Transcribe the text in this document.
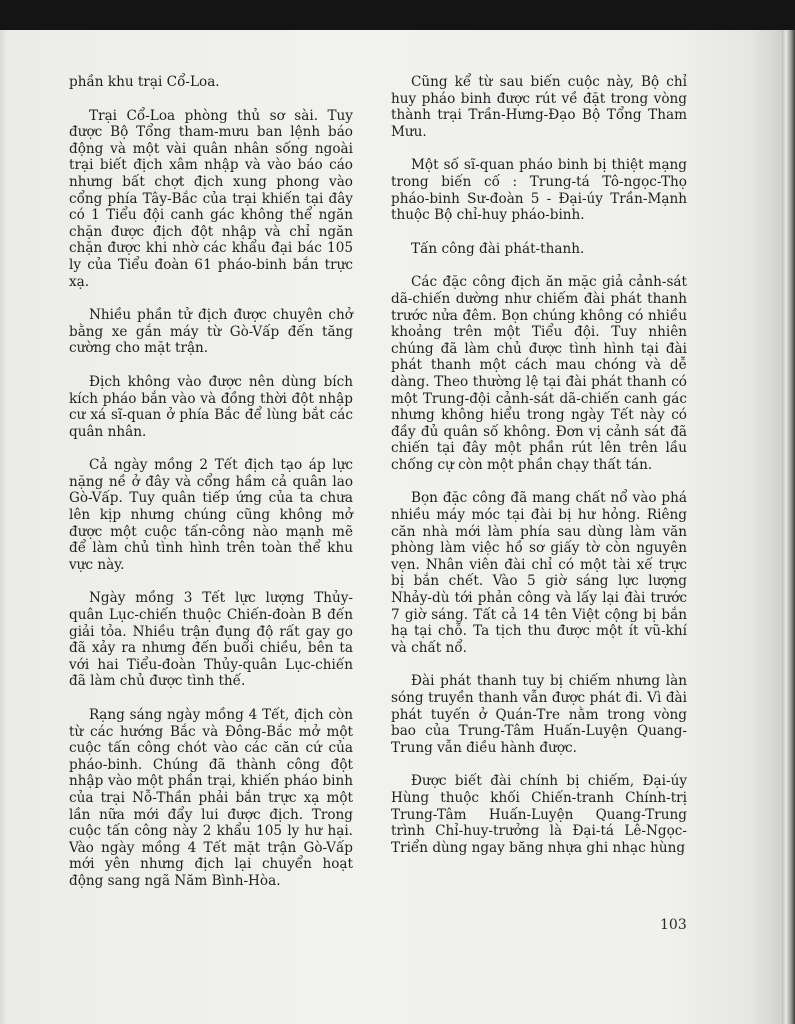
phần khu trại Cổ-Loa.

Trại Cổ-Loa phòng thủ sơ sài. Tuy được Bộ Tổng tham-mưu ban lệnh báo động và một vài quân nhân sống ngoài trại biết địch xâm nhập và vào báo cáo nhưng bất chợt địch xung phong vào cổng phía Tây-Bắc của trại khiến tại đây có 1 Tiểu đội canh gác không thể ngăn chặn được địch đột nhập và chỉ ngăn chặn được khi nhờ các khẩu đại bác 105 ly của Tiểu đoàn 61 pháo-binh bắn trực xạ.

Nhiều phần tử địch được chuyên chở bằng xe gắn máy từ Gò-Vấp đến tăng cường cho mặt trận.

Địch không vào được nên dùng bích kích pháo bắn vào và đồng thời đột nhập cư xá sĩ-quan ở phía Bắc để lùng bắt các quân nhân.

Cả ngày mồng 2 Tết địch tạo áp lực nặng nề ở đây và cổng hầm cả quân lao Gò-Vấp. Tuy quân tiếp ứng của ta chưa lên kịp nhưng chúng cũng không mở được một cuộc tấn-công nào mạnh mẽ để làm chủ tình hình trên toàn thể khu vực này.

Ngày mồng 3 Tết lực lượng Thủy-quân Lục-chiến thuộc Chiến-đoàn B đến giải tỏa. Nhiều trận đụng độ rất gay go đã xảy ra nhưng đến buổi chiều, bên ta với hai Tiểu-đoàn Thủy-quân Lục-chiến đã làm chủ được tình thế.

Rạng sáng ngày mồng 4 Tết, địch còn từ các hướng Bắc và Đông-Bắc mở một cuộc tấn công chót vào các căn cứ của pháo-binh. Chúng đã thành công đột nhập vào một phần trại, khiến pháo binh của trại Nỗ-Thần phải bắn trực xạ một lần nữa mới đẩy lui được địch. Trong cuộc tấn công này 2 khẩu 105 ly hư hại. Vào ngày mồng 4 Tết mặt trận Gò-Vấp mới yên nhưng địch lại chuyển hoạt động sang ngã Năm Bình-Hòa.

Cũng kể từ sau biến cuộc này, Bộ chỉ huy pháo binh được rút về đặt trong vòng thành trại Trần-Hưng-Đạo Bộ Tổng Tham Mưu.

Một số sĩ-quan pháo binh bị thiệt mạng trong biến cố : Trung-tá Tô-ngọc-Thọ pháo-binh Sư-đoàn 5 - Đại-úy Trần-Mạnh thuộc Bộ chỉ-huy pháo-binh.

Tấn công đài phát-thanh.

Các đặc công địch ăn mặc giả cảnh-sát dã-chiến dường như chiếm đài phát thanh trước nửa đêm. Bọn chúng không có nhiều khoảng trên một Tiểu đội. Tuy nhiên chúng đã làm chủ được tình hình tại đài phát thanh một cách mau chóng và dễ dàng. Theo thường lệ tại đài phát thanh có một Trung-đội cảnh-sát dã-chiến canh gác nhưng không hiểu trong ngày Tết này có đầy đủ quân số không. Đơn vị cảnh sát đã chiến tại đây một phần rút lên trên lầu chống cự còn một phần chạy thất tán.

Bọn đặc công đã mang chất nổ vào phá nhiều máy móc tại đài bị hư hỏng. Riêng căn nhà mới làm phía sau dùng làm văn phòng làm việc hồ sơ giấy tờ còn nguyên vẹn. Nhân viên đài chỉ có một tài xế trực bị bắn chết. Vào 5 giờ sáng lực lượng Nhảy-dù tới phản công và lấy lại đài trước 7 giờ sáng. Tất cả 14 tên Việt cộng bị bắn hạ tại chỗ. Ta tịch thu được một ít vũ-khí và chất nổ.

Đài phát thanh tuy bị chiếm nhưng làn sóng truyền thanh vẫn được phát đi. Vì đài phát tuyến ở Quán-Tre nằm trong vòng bao của Trung-Tâm Huấn-Luyện Quang-Trung vẫn điều hành được.

Được biết đài chính bị chiếm, Đại-úy Hùng thuộc khối Chiến-tranh Chính-trị Trung-Tâm Huấn-Luyện Quang-Trung trình Chỉ-huy-trưởng là Đại-tá Lê-Ngọc-Triển dùng ngay băng nhựa ghi nhạc hùng

103
